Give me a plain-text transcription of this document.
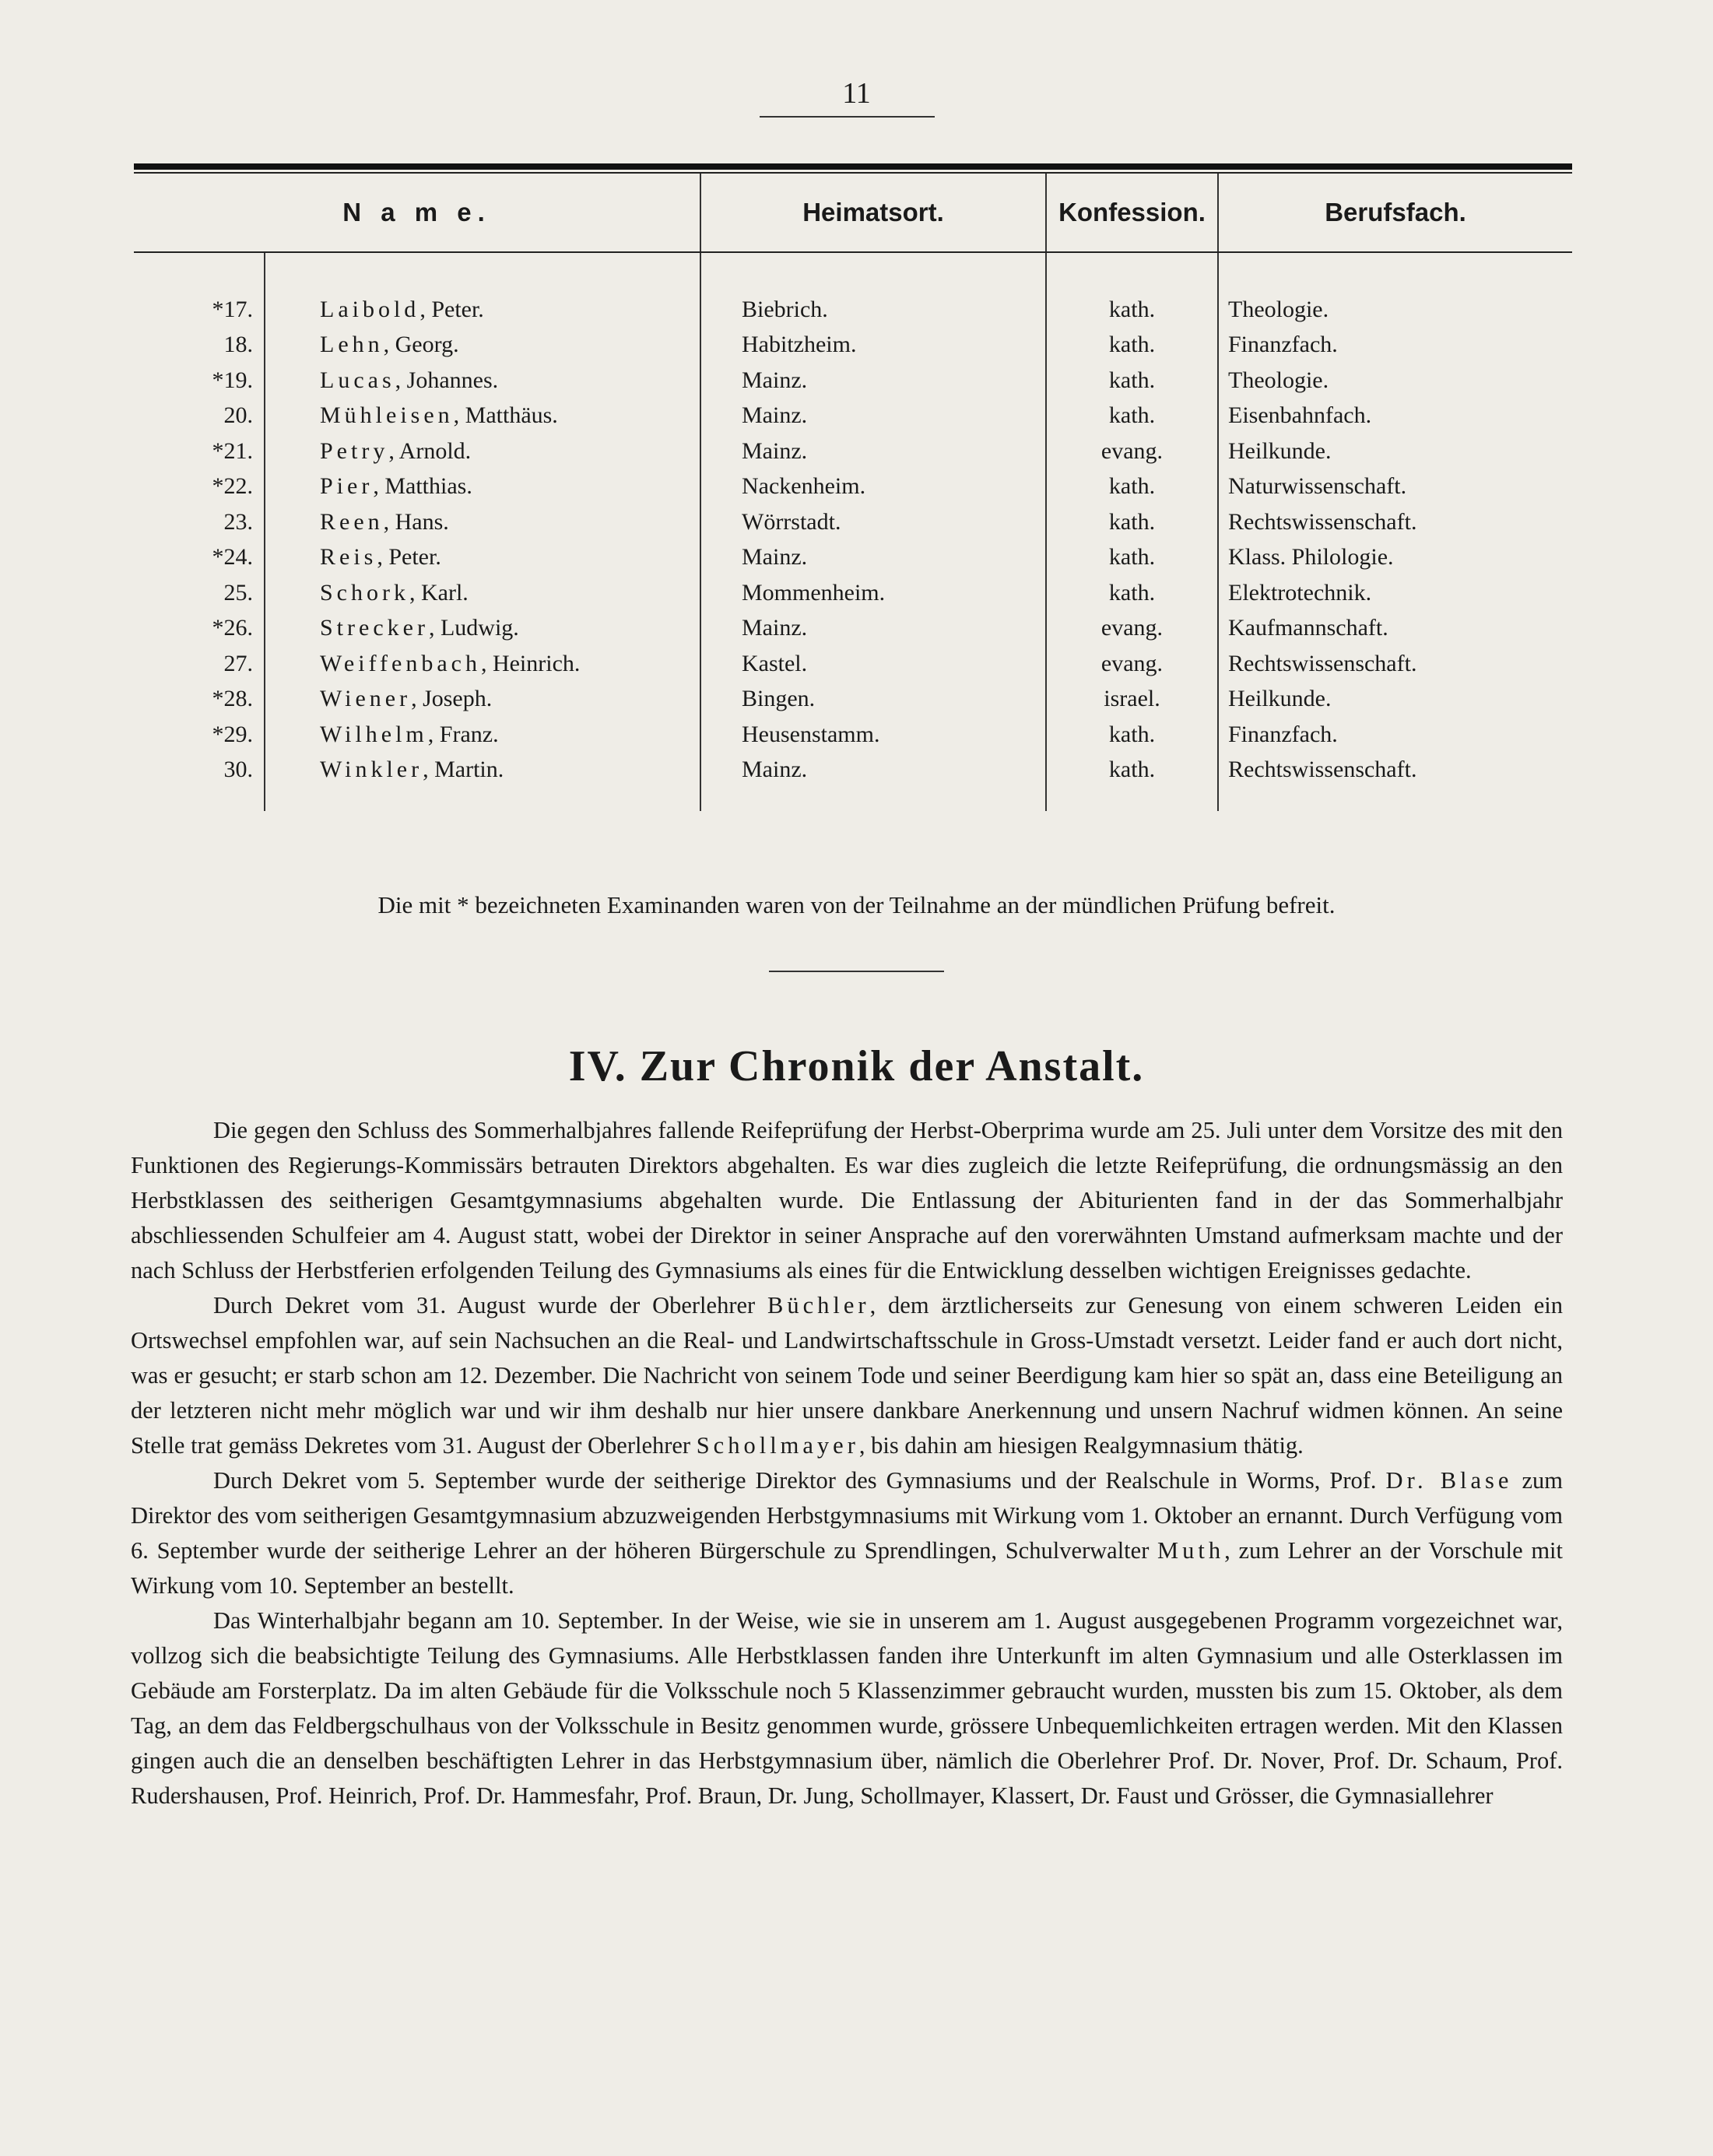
11
N a m e.		Heimatsort.	Konfession.	Berufsfach.

*17.	Laibold, Peter.	Biebrich.	kath.	Theologie.
18.	Lehn, Georg.	Habitzheim.	kath.	Finanzfach.
*19.	Lucas, Johannes.	Mainz.	kath.	Theologie.
20.	Mühleisen, Matthäus.	Mainz.	kath.	Eisenbahnfach.
*21.	Petry, Arnold.	Mainz.	evang.	Heilkunde.
*22.	Pier, Matthias.	Nackenheim.	kath.	Naturwissenschaft.
23.	Reen, Hans.	Wörrstadt.	kath.	Rechtswissenschaft.
*24.	Reis, Peter.	Mainz.	kath.	Klass. Philologie.
25.	Schork, Karl.	Mommenheim.	kath.	Elektrotechnik.
*26.	Strecker, Ludwig.	Mainz.	evang.	Kaufmannschaft.
27.	Weiffenbach, Heinrich.	Kastel.	evang.	Rechtswissenschaft.
*28.	Wiener, Joseph.	Bingen.	israel.	Heilkunde.
*29.	Wilhelm, Franz.	Heusenstamm.	kath.	Finanzfach.
30.	Winkler, Martin.	Mainz.	kath.	Rechtswissenschaft.

Die mit * bezeichneten Examinanden waren von der Teilnahme an der mündlichen Prüfung befreit.
IV. Zur Chronik der Anstalt.

Die gegen den Schluss des Sommerhalbjahres fallende Reifeprüfung der Herbst-Oberprima wurde am 25. Juli unter dem Vorsitze des mit den Funktionen des Regierungs-Kommissärs betrauten Direktors abgehalten. Es war dies zugleich die letzte Reifeprüfung, die ordnungsmässig an den Herbstklassen des seitherigen Gesamtgymnasiums abgehalten wurde. Die Entlassung der Abiturienten fand in der das Sommerhalbjahr abschliessenden Schulfeier am 4. August statt, wobei der Direktor in seiner Ansprache auf den vorerwähnten Umstand aufmerksam machte und der nach Schluss der Herbstferien erfolgenden Teilung des Gymnasiums als eines für die Entwicklung desselben wichtigen Ereignisses gedachte.

Durch Dekret vom 31. August wurde der Oberlehrer Büchler, dem ärztlicherseits zur Genesung von einem schweren Leiden ein Ortswechsel empfohlen war, auf sein Nachsuchen an die Real- und Landwirtschaftsschule in Gross-Umstadt versetzt. Leider fand er auch dort nicht, was er gesucht; er starb schon am 12. Dezember. Die Nachricht von seinem Tode und seiner Beerdigung kam hier so spät an, dass eine Beteiligung an der letzteren nicht mehr möglich war und wir ihm deshalb nur hier unsere dankbare Anerkennung und unsern Nachruf widmen können. An seine Stelle trat gemäss Dekretes vom 31. August der Oberlehrer Schollmayer, bis dahin am hiesigen Realgymnasium thätig.

Durch Dekret vom 5. September wurde der seitherige Direktor des Gymnasiums und der Realschule in Worms, Prof. Dr. Blase zum Direktor des vom seitherigen Gesamtgymnasium abzuzweigenden Herbstgymnasiums mit Wirkung vom 1. Oktober an ernannt. Durch Verfügung vom 6. September wurde der seitherige Lehrer an der höheren Bürgerschule zu Sprendlingen, Schulverwalter Muth, zum Lehrer an der Vorschule mit Wirkung vom 10. September an bestellt.

Das Winterhalbjahr begann am 10. September. In der Weise, wie sie in unserem am 1. August ausgegebenen Programm vorgezeichnet war, vollzog sich die beabsichtigte Teilung des Gymnasiums. Alle Herbstklassen fanden ihre Unterkunft im alten Gymnasium und alle Osterklassen im Gebäude am Forsterplatz. Da im alten Gebäude für die Volksschule noch 5 Klassenzimmer gebraucht wurden, mussten bis zum 15. Oktober, als dem Tag, an dem das Feldbergschulhaus von der Volksschule in Besitz genommen wurde, grössere Unbequemlichkeiten ertragen werden. Mit den Klassen gingen auch die an denselben beschäftigten Lehrer in das Herbstgymnasium über, nämlich die Oberlehrer Prof. Dr. Nover, Prof. Dr. Schaum, Prof. Rudershausen, Prof. Heinrich, Prof. Dr. Hammesfahr, Prof. Braun, Dr. Jung, Schollmayer, Klassert, Dr. Faust und Grösser, die Gymnasiallehrer
